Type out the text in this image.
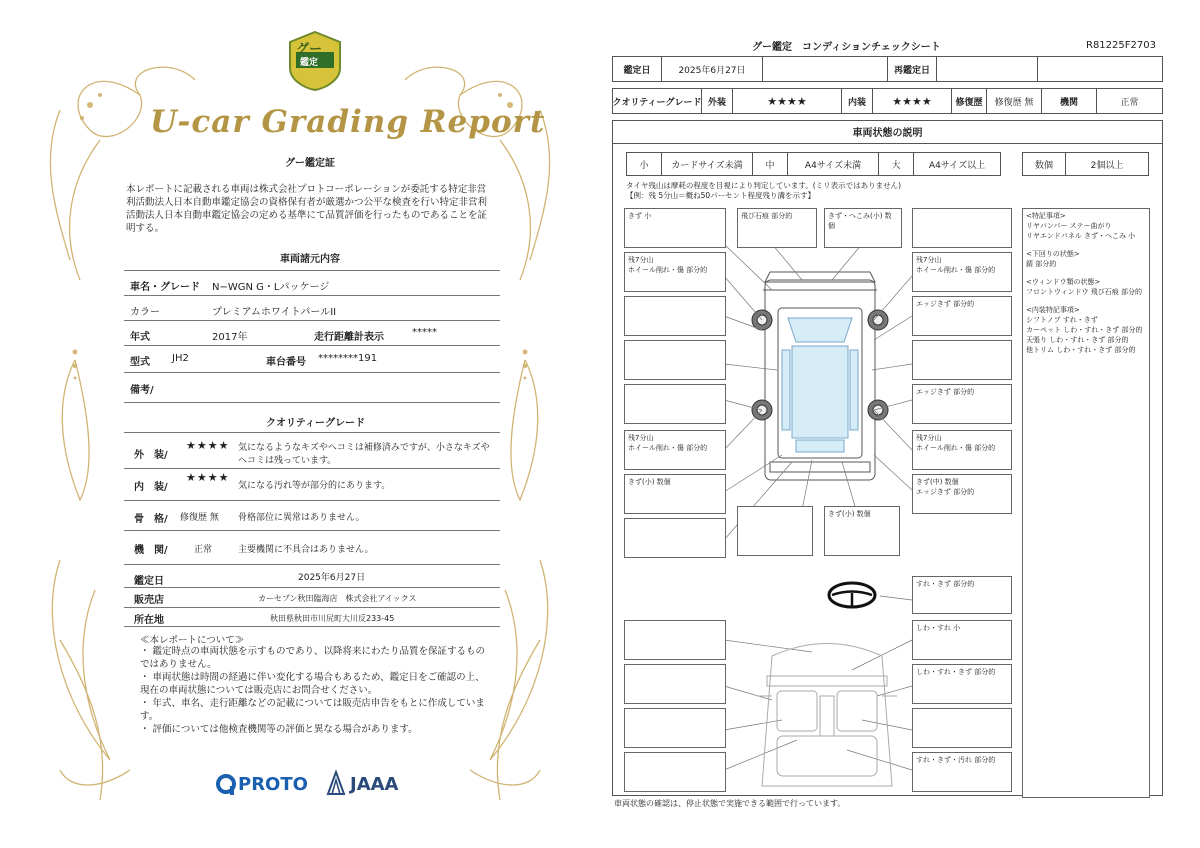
グー
鑑定
U-car Grading Report
グー鑑定証
本レポートに記載される車両は株式会社プロトコーポレーションが委託する特定非営利活動法人日本自動車鑑定協会の資格保有者が厳選かつ公平な検査を行い特定非営利活動法人日本自動車鑑定協会の定める基準にて品質評価を行ったものであることを証明する。
車両諸元内容
車名・グレード N−WGN G・Lパッケージ
カラー	プレミアムホワイトパールII
年式	2017年	走行距離計表示	*****
型式 JH2	車台番号 ********191
備考/
クオリティーグレード
外　装/
★★★★ 気になるようなキズやヘコミは補修済みですが、小さなキズや
ヘコミは残っています。
内　装/
★★★★
気になる汚れ等が部分的にあります。
骨　格/ 修復歴 無 骨格部位に異常はありません。
機　関/	正常	主要機関に不具合はありません。
鑑定日	2025年6月27日
販売店	カーセブン秋田臨海店　株式会社アイックス
所在地	秋田県秋田市川尻町大川反233-45
≪本レポートについて≫
・ 鑑定時点の車両状態を示すものであり、以降将来にわたり品質を保証するものではありません。
・ 車両状態は時間の経過に伴い変化する場合もあるため、鑑定日をご確認の上、現在の車両状態については販売店にお問合せください。
・ 年式、車名、走行距離などの記載については販売店申告をもとに作成しています。
・ 評価については他検査機関等の評価と異なる場合があります。
PROTO JAAA
グー鑑定　コンディションチェックシート	R81225F2703
鑑定日	2025年6月27日	再鑑定日
クオリティーグレード 外装	★★★★	内装	★★★★	修復歴	修復歴 無	機関	正常
車両状態の説明
小	カードサイズ未満	中	A4サイズ未満	大	A4サイズ以上	数個	2個以上
タイヤ残山は摩耗の程度を目視により判定しています。(ミリ表示ではありません)
【例：残 5分山＝概ね50パーセント程度残り溝を示す】
きず 小
残7分山
ホイール削れ・傷 部分的
残7分山
ホイール削れ・傷 部分的
きず(小) 数個
飛び石痕 部分的	きず・へこみ(小) 数個
きず(小) 数個
残7分山
ホイール削れ・傷 部分的
エッジきず 部分的
エッジきず 部分的
残7分山
ホイール削れ・傷 部分的
きず(中) 数個
エッジきず 部分的
<特記事項>
リヤバンパー ステー曲がり
リヤエンドパネル きず・へこみ 小
<下回りの状態>
錆 部分的
<ウィンドウ類の状態>
フロントウィンドウ 飛び石痕 部分的
<内装特記事項>
シフトノブ すれ・きず
カーペット しわ・すれ・きず 部分的
天張り しわ・すれ・きず 部分的
他トリム しわ・すれ・きず 部分的
すれ・きず 部分的
しわ・すれ 小
しわ・すれ・きず 部分的
すれ・きず・汚れ 部分的
車両状態の確認は、停止状態で実施できる範囲で行っています。
